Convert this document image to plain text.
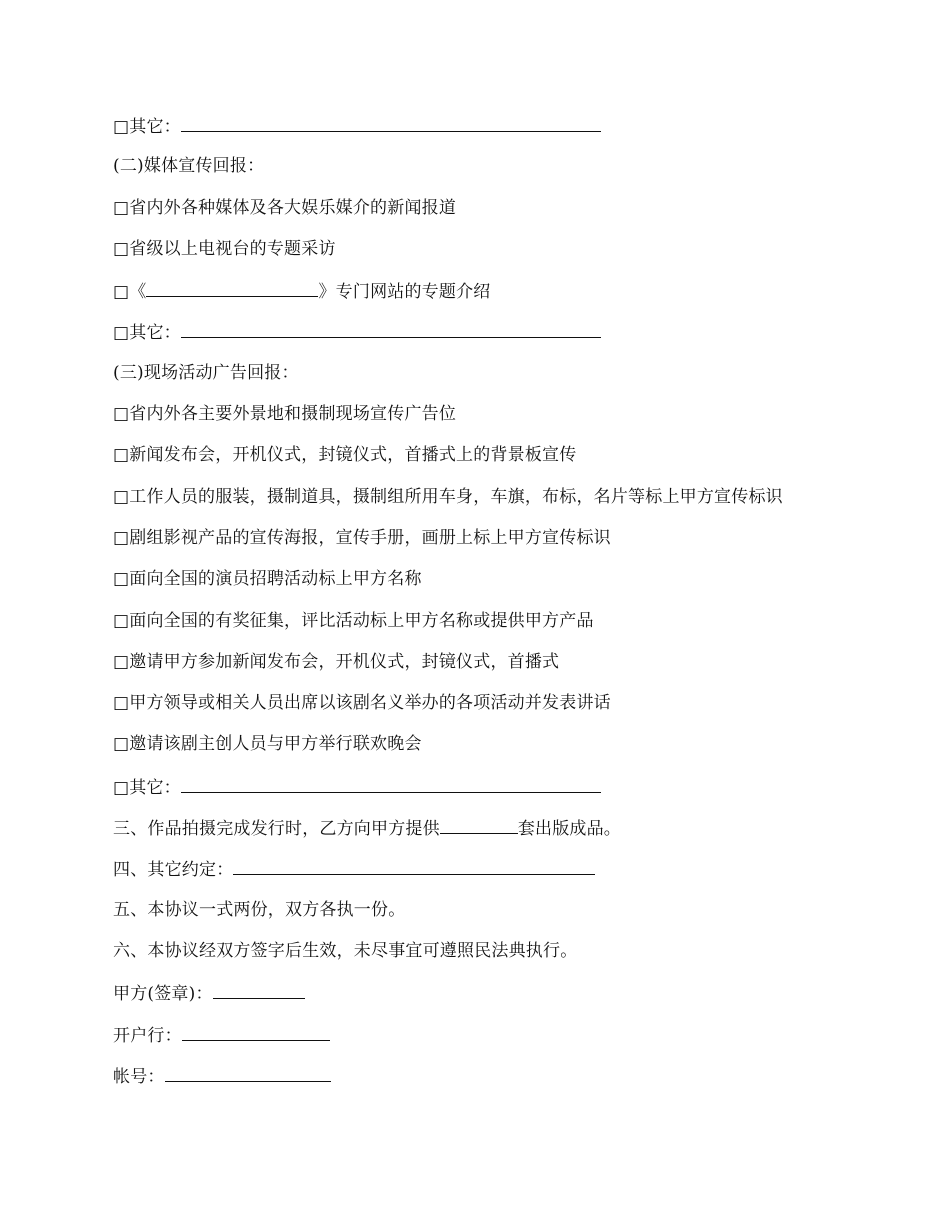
□其它：
(二)媒体宣传回报：
□省内外各种媒体及各大娱乐媒介的新闻报道
□省级以上电视台的专题采访
□《	》专门网站的专题介绍
□其它：
(三)现场活动广告回报：
□省内外各主要外景地和摄制现场宣传广告位
□新闻发布会，开机仪式，封镜仪式，首播式上的背景板宣传
□工作人员的服装，摄制道具，摄制组所用车身，车旗，布标，名片等标上甲方宣传标识
□剧组影视产品的宣传海报，宣传手册，画册上标上甲方宣传标识
□面向全国的演员招聘活动标上甲方名称
□面向全国的有奖征集，评比活动标上甲方名称或提供甲方产品
□邀请甲方参加新闻发布会，开机仪式，封镜仪式，首播式
□甲方领导或相关人员出席以该剧名义举办的各项活动并发表讲话
□邀请该剧主创人员与甲方举行联欢晚会
□其它：
三、作品拍摄完成发行时，乙方向甲方提供	套出版成品。
四、其它约定：
五、本协议一式两份，双方各执一份。
六、本协议经双方签字后生效，未尽事宜可遵照民法典执行。
甲方(签章)：
开户行：
帐号：
